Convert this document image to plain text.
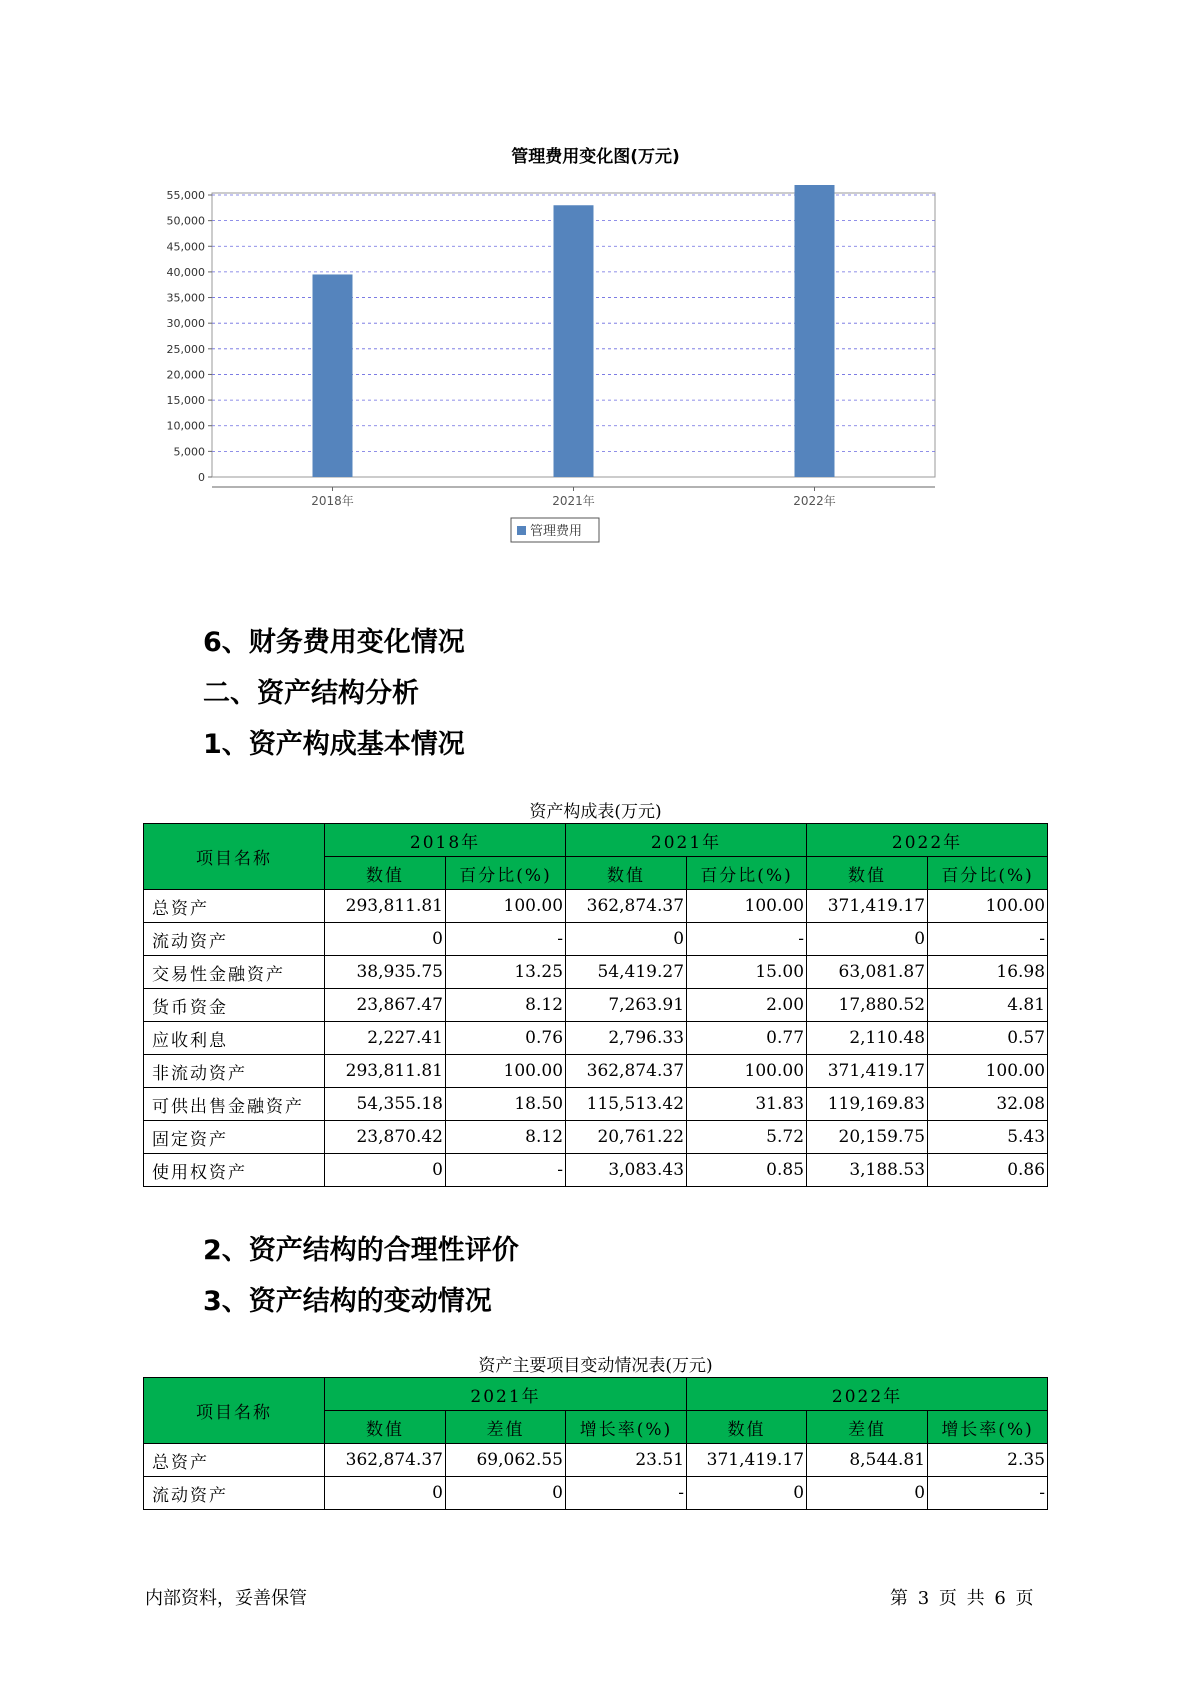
管理费用变化图(万元)
0
5,000
10,000
15,000
20,000
25,000
30,000
35,000
40,000
45,000
50,000
55,000
2018年	2021年	2022年
管理费用
6、财务费用变化情况
二、资产结构分析
1、资产构成基本情况
资产构成表(万元)
项目名称	2018年		2021年		2022年	
	数值	百分比(%)	数值	百分比(%)	数值	百分比(%)
总资产	293,811.81	100.00	362,874.37	100.00	371,419.17	100.00
流动资产	0	-	0	-	0	-
交易性金融资产	38,935.75	13.25	54,419.27	15.00	63,081.87	16.98
货币资金	23,867.47	8.12	7,263.91	2.00	17,880.52	4.81
应收利息	2,227.41	0.76	2,796.33	0.77	2,110.48	0.57
非流动资产	293,811.81	100.00	362,874.37	100.00	371,419.17	100.00
可供出售金融资产	54,355.18	18.50	115,513.42	31.83	119,169.83	32.08
固定资产	23,870.42	8.12	20,761.22	5.72	20,159.75	5.43
使用权资产	0	-	3,083.43	0.85	3,188.53	0.86
2、资产结构的合理性评价
3、资产结构的变动情况
资产主要项目变动情况表(万元)
项目名称	2021年			2022年		
	数值	差值	增长率(%)	数值	差值	增长率(%)
总资产	362,874.37	69,062.55	23.51	371,419.17	8,544.81	2.35
流动资产	0	0	-	0	0	-
内部资料，妥善保管	第 3 页 共 6 页
